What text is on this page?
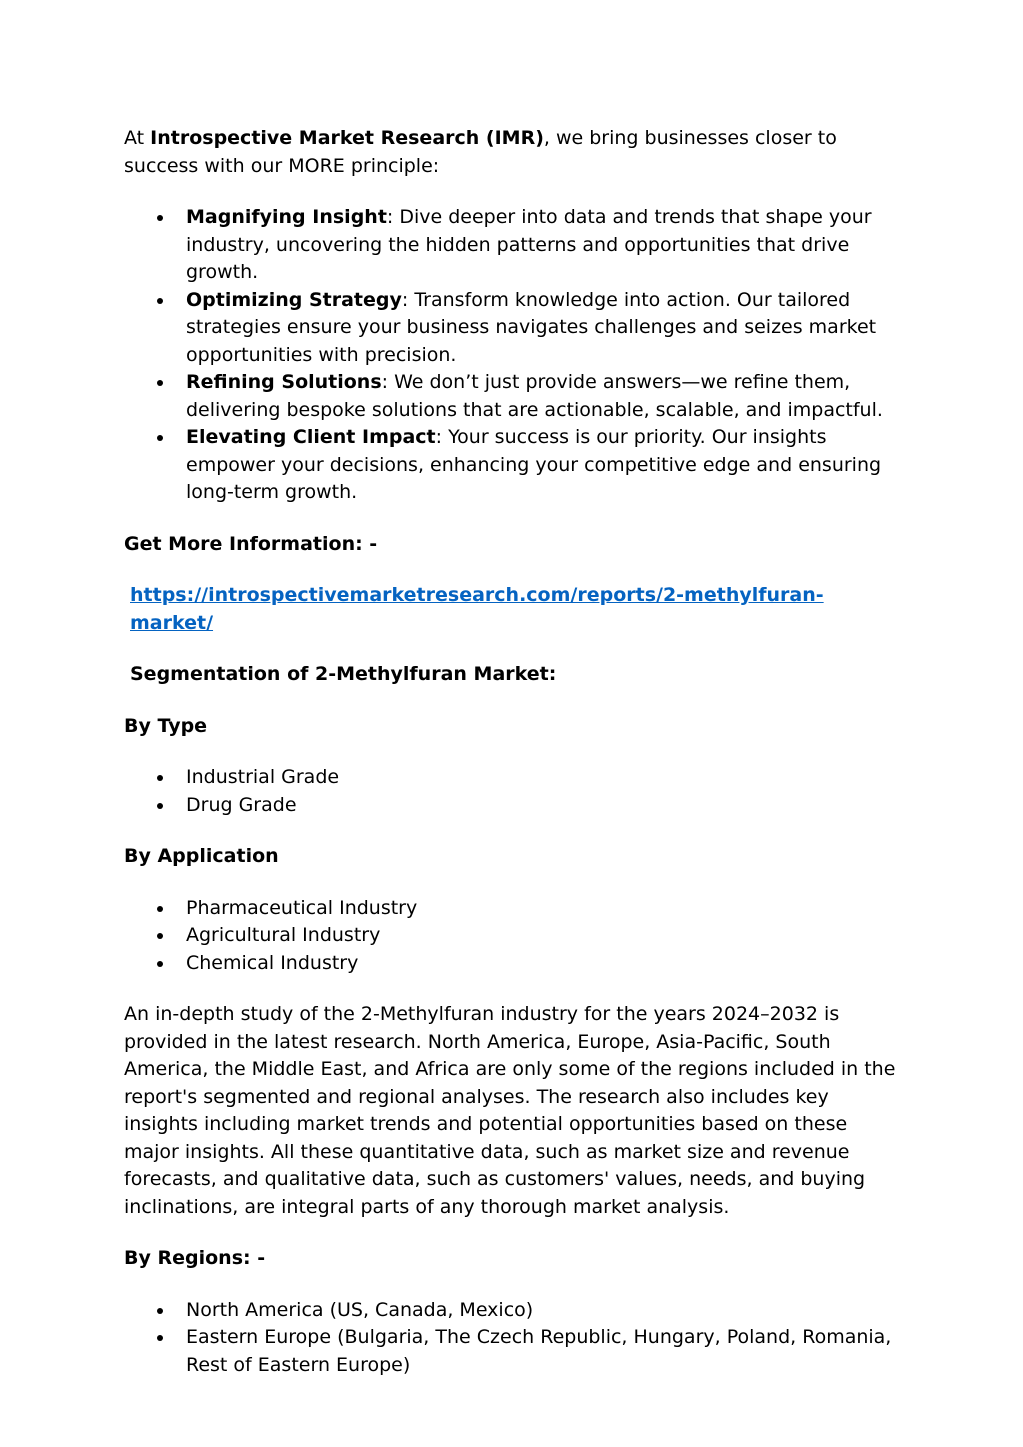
At Introspective Market Research (IMR), we bring businesses closer to success with our MORE principle:

Magnifying Insight: Dive deeper into data and trends that shape your industry, uncovering the hidden patterns and opportunities that drive growth.
Optimizing Strategy: Transform knowledge into action. Our tailored strategies ensure your business navigates challenges and seizes market opportunities with precision.
Refining Solutions: We don’t just provide answers—we refine them, delivering bespoke solutions that are actionable, scalable, and impactful.
Elevating Client Impact: Your success is our priority. Our insights empower your decisions, enhancing your competitive edge and ensuring long-term growth.

Get More Information: -

https://introspectivemarketresearch.com/reports/2-methylfuran-market/

Segmentation of 2-Methylfuran Market:

By Type

Industrial Grade
Drug Grade

By Application

Pharmaceutical Industry
Agricultural Industry
Chemical Industry

An in-depth study of the 2-Methylfuran industry for the years 2024–2032 is provided in the latest research. North America, Europe, Asia-Pacific, South America, the Middle East, and Africa are only some of the regions included in the report's segmented and regional analyses. The research also includes key insights including market trends and potential opportunities based on these major insights. All these quantitative data, such as market size and revenue forecasts, and qualitative data, such as customers' values, needs, and buying inclinations, are integral parts of any thorough market analysis.

By Regions: -

North America (US, Canada, Mexico)
Eastern Europe (Bulgaria, The Czech Republic, Hungary, Poland, Romania, Rest of Eastern Europe)
